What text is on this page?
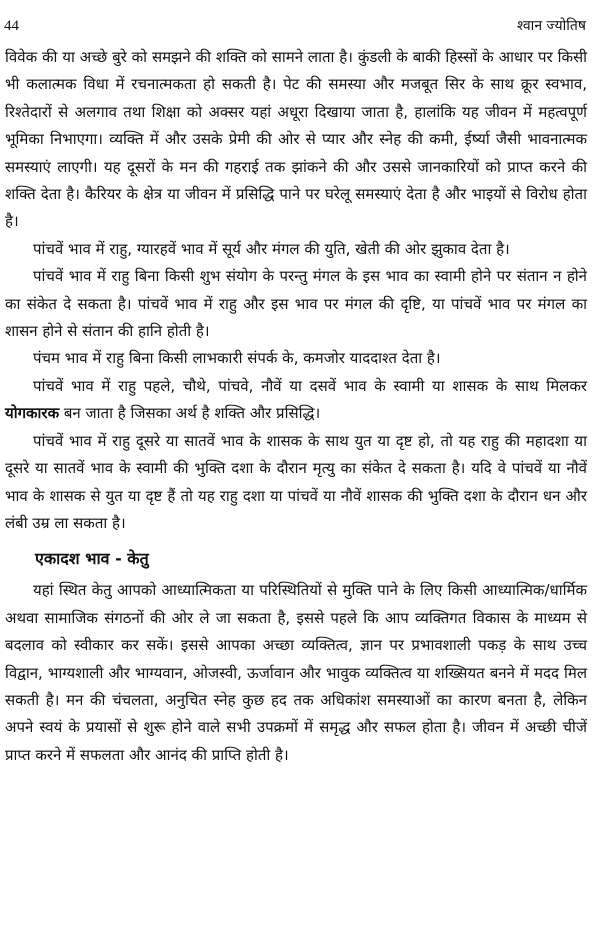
44	श्वान ज्योतिष

विवेक की या अच्छे बुरे को समझने की शक्ति को सामने लाता है। कुंडली के बाकी हिस्सों के आधार पर किसी भी कलात्मक विधा में रचनात्मकता हो सकती है। पेट की समस्या और मजबूत सिर के साथ क्रूर स्वभाव, रिश्तेदारों से अलगाव तथा शिक्षा को अक्सर यहां अधूरा दिखाया जाता है, हालांकि यह जीवन में महत्वपूर्ण भूमिका निभाएगा। व्यक्ति में और उसके प्रेमी की ओर से प्यार और स्नेह की कमी, ईर्ष्या जैसी भावनात्मक समस्याएं लाएगी। यह दूसरों के मन की गहराई तक झांकने की और उससे जानकारियों को प्राप्त करने की शक्ति देता है। कैरियर के क्षेत्र या जीवन में प्रसिद्धि पाने पर घरेलू समस्याएं देता है और भाइयों से विरोध होता है।

पांचवें भाव में राहु, ग्यारहवें भाव में सूर्य और मंगल की युति, खेती की ओर झुकाव देता है।

पांचवें भाव में राहु बिना किसी शुभ संयोग के परन्तु मंगल के इस भाव का स्वामी होने पर संतान न होने का संकेत दे सकता है। पांचवें भाव में राहु और इस भाव पर मंगल की दृष्टि, या पांचवें भाव पर मंगल का शासन होने से संतान की हानि होती है।

पंचम भाव में राहु बिना किसी लाभकारी संपर्क के, कमजोर याददाश्त देता है।

पांचवें भाव में राहु पहले, चौथे, पांचवे, नौवें या दसवें भाव के स्वामी या शासक के साथ मिलकर योगकारक बन जाता है जिसका अर्थ है शक्ति और प्रसिद्धि।

पांचवें भाव में राहु दूसरे या सातवें भाव के शासक के साथ युत या दृष्ट हो, तो यह राहु की महादशा या दूसरे या सातवें भाव के स्वामी की भुक्ति दशा के दौरान मृत्यु का संकेत दे सकता है। यदि वे पांचवें या नौवें भाव के शासक से युत या दृष्ट हैं तो यह राहु दशा या पांचवें या नौवें शासक की भुक्ति दशा के दौरान धन और लंबी उम्र ला सकता है।

एकादश भाव - केतु

यहां स्थित केतु आपको आध्यात्मिकता या परिस्थितियों से मुक्ति पाने के लिए किसी आध्यात्मिक/धार्मिक अथवा सामाजिक संगठनों की ओर ले जा सकता है, इससे पहले कि आप व्यक्तिगत विकास के माध्यम से बदलाव को स्वीकार कर सकें। इससे आपका अच्छा व्यक्तित्व, ज्ञान पर प्रभावशाली पकड़ के साथ उच्च विद्वान, भाग्यशाली और भाग्यवान, ओजस्वी, ऊर्जावान और भावुक व्यक्तित्व या शख्सियत बनने में मदद मिल सकती है। मन की चंचलता, अनुचित स्नेह कुछ हद तक अधिकांश समस्याओं का कारण बनता है, लेकिन अपने स्वयं के प्रयासों से शुरू होने वाले सभी उपक्रमों में समृद्ध और सफल होता है। जीवन में अच्छी चीजें प्राप्त करने में सफलता और आनंद की प्राप्ति होती है।
